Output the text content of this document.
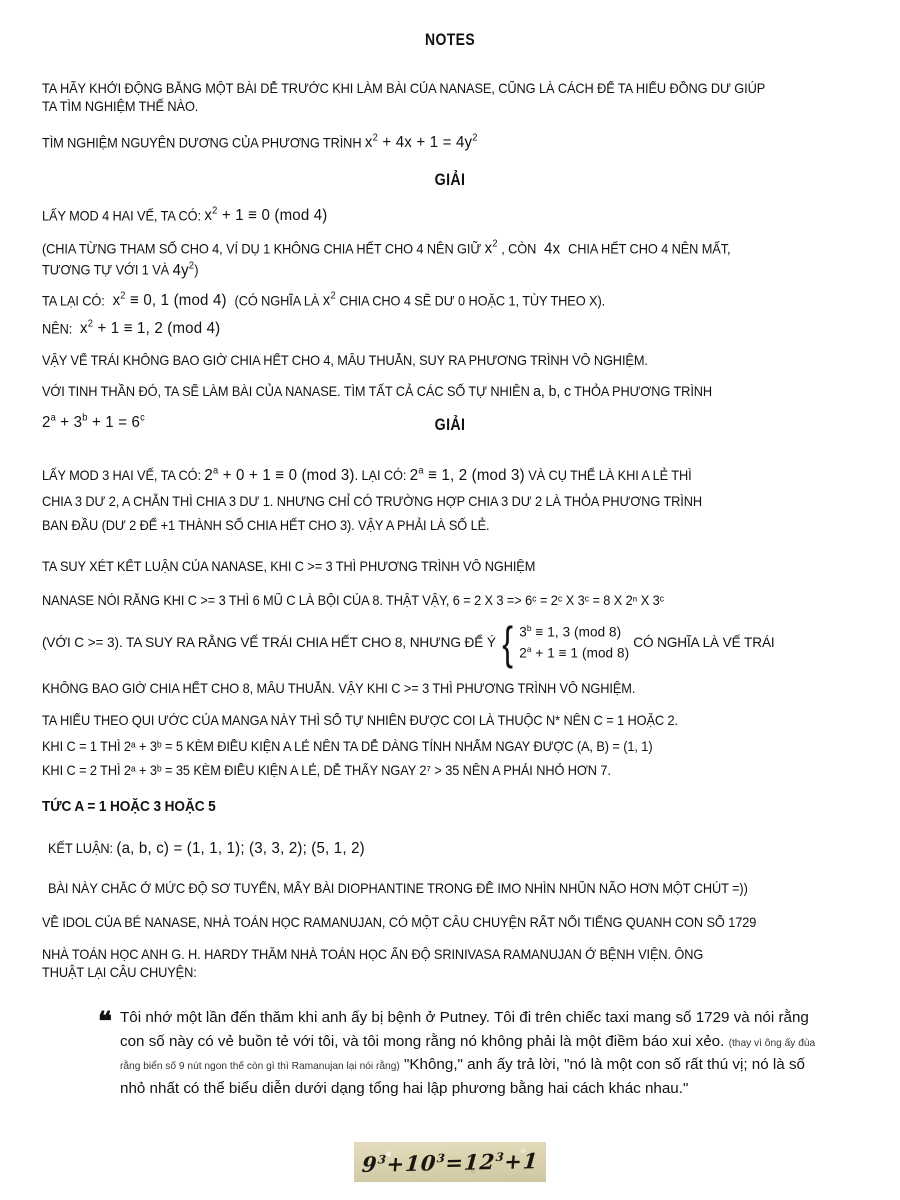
NOTES

TA HÃY KHỞI ĐỘNG BẰNG MỘT BÀI DỄ TRƯỚC KHI LÀM BÀI CỦA NANASE, CŨNG LÀ CÁCH ĐỂ TA HIỂU ĐỒNG DƯ GIÚP
TA TÌM NGHIỆM THẾ NÀO.

TÌM NGHIỆM NGUYÊN DƯƠNG CỦA PHƯƠNG TRÌNH $x^2 + 4x + 1 = 4y^2$

GIẢI

LẤY MOD 4 HAI VẾ, TA CÓ: $x^2 + 1 \equiv 0$ (mod 4)

(CHIA TỪNG THAM SỐ CHO 4, VÍ DỤ 1 KHÔNG CHIA HẾT CHO 4 NÊN GIỮ $x^2$ , CÒN  4x  CHIA HẾT CHO 4 NÊN MẤT,
TƯƠNG TỰ VỚI 1 VÀ $4y^2$)

TA LẠI CÓ:  $x^2 \equiv 0$, 1 (mod 4)  (CÓ NGHĨA LÀ $x^2$ CHIA CHO 4 SẼ DƯ 0 HOẶC 1, TÙY THEO X).

NÊN:  $x^2 + 1 \equiv 1$, 2 (mod 4)

VẬY VẾ TRÁI KHÔNG BAO GIỜ CHIA HẾT CHO 4, MÂU THUẪN, SUY RA PHƯƠNG TRÌNH VÔ NGHIỆM.

VỚI TINH THẦN ĐÓ, TA SẼ LÀM BÀI CỦA NANASE. TÌM TẤT CẢ CÁC SỐ TỰ NHIÊN a, b, c THỎA PHƯƠNG TRÌNH

$2^a + 3^b + 1 = 6^c$	GIẢI

LẤY MOD 3 HAI VẾ, TA CÓ: $2^a + 0 + 1 \equiv 0$ (mod 3). LẠI CÓ: $2^a \equiv 1$, 2 (mod 3) VÀ CỤ THỂ LÀ KHI A LẺ THÌ
CHIA 3 DƯ 2, A CHẴN THÌ CHIA 3 DƯ 1. NHƯNG CHỈ CÓ TRƯỜNG HỢP CHIA 3 DƯ 2 LÀ THỎA PHƯƠNG TRÌNH
BAN ĐẦU (DƯ 2 ĐỂ +1 THÀNH SỐ CHIA HẾT CHO 3). VẬY A PHẢI LÀ SỐ LẺ.

TA SUY XÉT KẾT LUẬN CỦA NANASE, KHI C >= 3 THÌ PHƯƠNG TRÌNH VÔ NGHIỆM

NANASE NÓI RẰNG KHI C >= 3 THÌ 6 MŨ C LÀ BỘI CỦA 8. THẬT VẬY, 6 = 2 X 3 => 6ᶜ = 2ᶜ X 3ᶜ = 8 X 2ⁿ X 3ᶜ

(VỚI C >= 3). TA SUY RA RẰNG VẾ TRÁI CHIA HẾT CHO 8, NHƯNG ĐỂ Ý { $3^b \equiv 1$, 3 (mod 8)
$2^a + 1 \equiv 1$ (mod 8)
CÓ NGHĨA LÀ VẾ TRÁI

KHÔNG BAO GIỜ CHIA HẾT CHO 8, MÂU THUẪN. VẬY KHI C >= 3 THÌ PHƯƠNG TRÌNH VÔ NGHIỆM.

TA HIỂU THEO QUI ƯỚC CỦA MANGA NÀY THÌ SỐ TỰ NHIÊN ĐƯỢC COI LÀ THUỘC N* NÊN C = 1 HOẶC 2.

KHI C = 1 THÌ 2ᵃ + 3ᵇ = 5 KÈM ĐIỀU KIỆN A LẺ NÊN TA DỄ DÀNG TÍNH NHẨM NGAY ĐƯỢC (A, B) = (1, 1)

KHI C = 2 THÌ 2ᵃ + 3ᵇ = 35 KÈM ĐIỀU KIỆN A LẺ, DỄ THẤY NGAY 2⁷ > 35 NÊN A PHẢI NHỎ HƠN 7.

TỨC A = 1 HOẶC 3 HOẶC 5

KẾT LUẬN: (a, b, c) = (1, 1, 1); (3, 3, 2); (5, 1, 2)

BÀI NÀY CHẮC Ở MỨC ĐỘ SƠ TUYỂN, MẤY BÀI DIOPHANTINE TRONG ĐỀ IMO NHÌN NHŨN NÃO HƠN MỘT CHÚT =))

VỀ IDOL CỦA BÉ NANASE, NHÀ TOÁN HỌC RAMANUJAN, CÓ MỘT CÂU CHUYỆN RẤT NỔI TIẾNG QUANH CON SỐ 1729

NHÀ TOÁN HỌC ANH G. H. HARDY THĂM NHÀ TOÁN HỌC ẤN ĐỘ SRINIVASA RAMANUJAN Ở BỆNH VIỆN. ÔNG
THUẬT LẠI CÂU CHUYỆN:

❝ Tôi nhớ một lần đến thăm khi anh ấy bị bệnh ở Putney. Tôi đi trên chiếc taxi mang số 1729 và nói rằng con số này có vẻ buồn tẻ với tôi, và tôi mong rằng nó không phải là một điềm báo xui xẻo. (thay vì ông ấy đùa rằng biển số 9 nút ngon thế còn gì thì Ramanujan lại nói rằng) "Không," anh ấy trả lời, "nó là một con số rất thú vị; nó là số nhỏ nhất có thể biểu diễn dưới dạng tổng hai lập phương bằng hai cách khác nhau."
$9^3+10^3=12^3+1$
